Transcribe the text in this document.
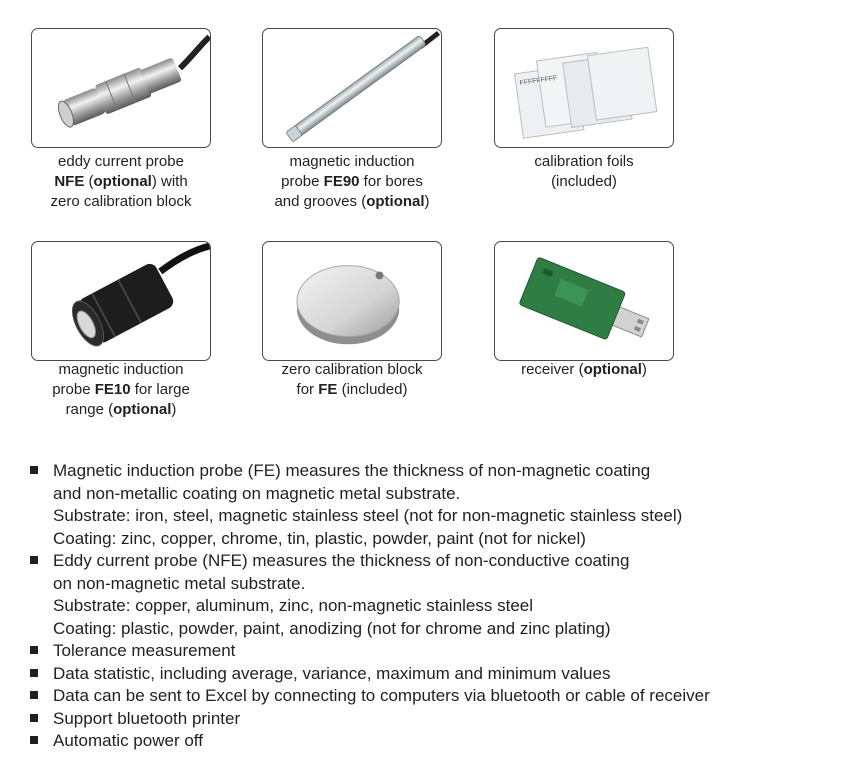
eddy current probe
NFE (optional) with
zero calibration block
magnetic induction
probe FE90 for bores
and grooves (optional)
FFFFFFFFF
calibration foils
(included)
magnetic induction
probe FE10 for large
range (optional)
zero calibration block
for FE (included)
receiver (optional)
Magnetic induction probe (FE) measures the thickness of non-magnetic coating
and non-metallic coating on magnetic metal substrate.
Substrate: iron, steel, magnetic stainless steel (not for non-magnetic stainless steel)
Coating: zinc, copper, chrome, tin, plastic, powder, paint (not for nickel)
Eddy current probe (NFE) measures the thickness of non-conductive coating
on non-magnetic metal substrate.
Substrate: copper, aluminum, zinc, non-magnetic stainless steel
Coating: plastic, powder, paint, anodizing (not for chrome and zinc plating)
Tolerance measurement
Data statistic, including average, variance, maximum and minimum values
Data can be sent to Excel by connecting to computers via bluetooth or cable of receiver
Support bluetooth printer
Automatic power off
